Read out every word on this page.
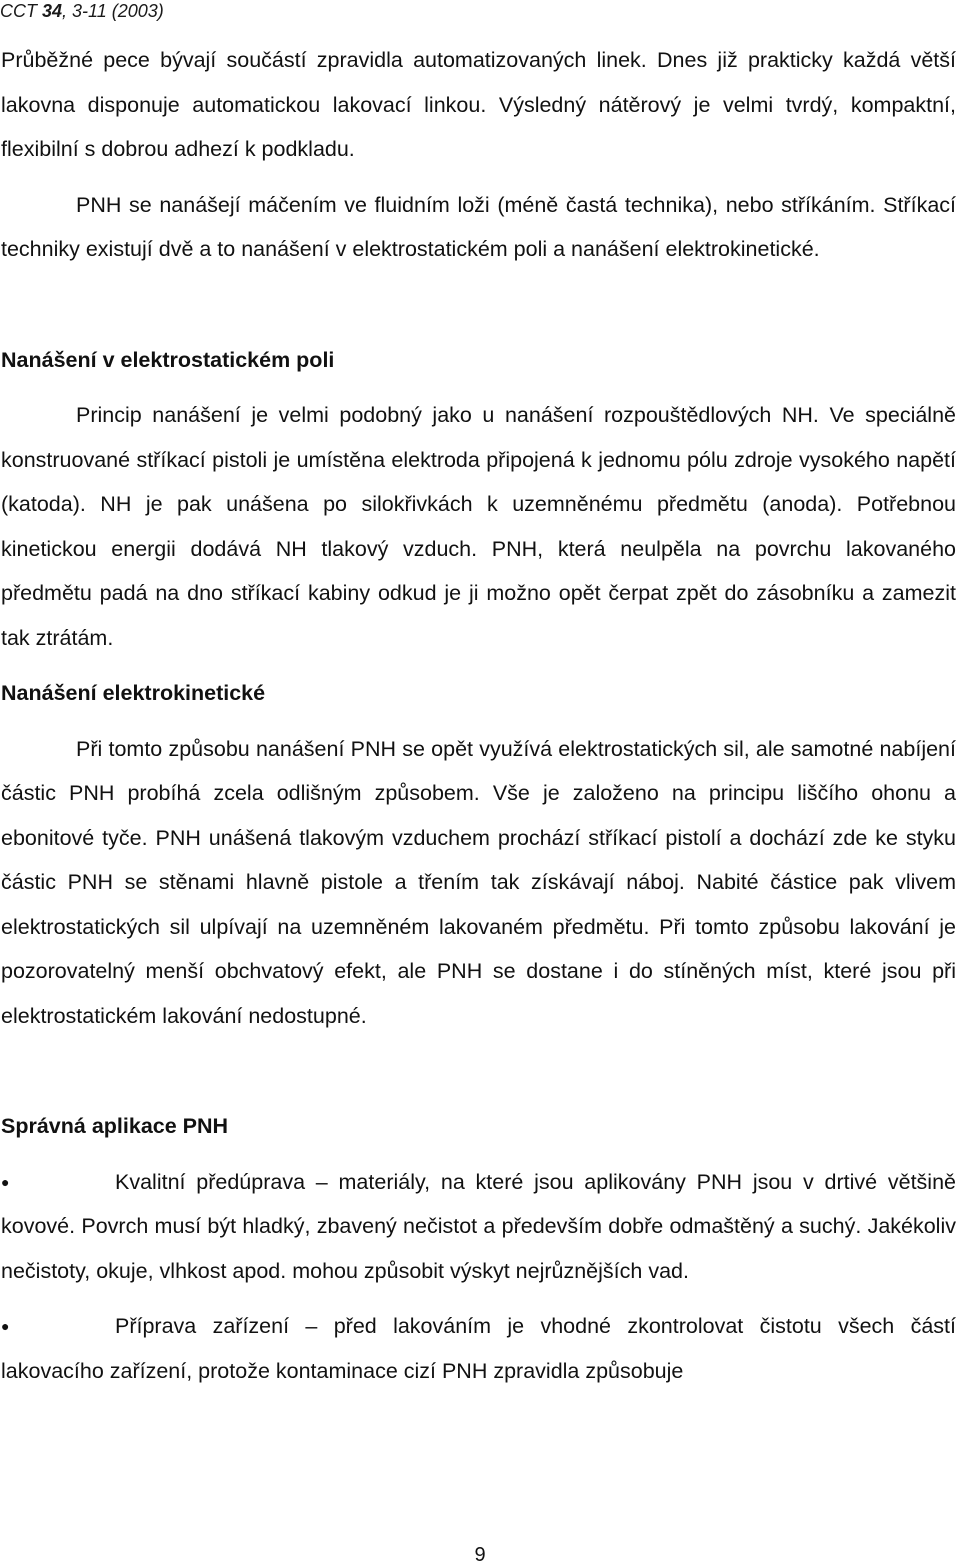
CCT 34, 3-11 (2003)

Průběžné pece bývají součástí zpravidla automatizovaných linek. Dnes již prakticky každá větší lakovna disponuje automatickou lakovací linkou. Výsledný nátěrový je velmi tvrdý, kompaktní, flexibilní s dobrou adhezí k podkladu.

PNH se nanášejí máčením ve fluidním loži (méně častá technika), nebo stříkáním. Stříkací techniky existují dvě a to nanášení v elektrostatickém poli a nanášení elektrokinetické.

Nanášení v elektrostatickém poli

Princip nanášení je velmi podobný jako u nanášení rozpouštědlových NH. Ve speciálně konstruované stříkací pistoli je umístěna elektroda připojená k jednomu pólu zdroje vysokého napětí (katoda). NH je pak unášena po silokřivkách k uzemněnému předmětu (anoda). Potřebnou kinetickou energii dodává NH tlakový vzduch. PNH, která neulpěla na povrchu lakovaného předmětu padá na dno stříkací kabiny odkud je ji možno opět čerpat zpět do zásobníku a zamezit tak ztrátám.

Nanášení elektrokinetické

Při tomto způsobu nanášení PNH se opět využívá elektrostatických sil, ale samotné nabíjení částic PNH probíhá zcela odlišným způsobem. Vše je založeno na principu liščího ohonu a ebonitové tyče. PNH unášená tlakovým vzduchem prochází stříkací pistolí a dochází zde ke styku částic PNH se stěnami hlavně pistole a třením tak získávají náboj. Nabité částice pak vlivem elektrostatických sil ulpívají na uzemněném lakovaném předmětu. Při tomto způsobu lakování je pozorovatelný menší obchvatový efekt, ale PNH se dostane i do stíněných míst, které jsou při elektrostatickém lakování nedostupné.

Správná aplikace PNH

●	Kvalitní předúprava – materiály, na které jsou aplikovány PNH jsou v drtivé většině kovové. Povrch musí být hladký, zbavený nečistot a především dobře odmaštěný a suchý. Jakékoliv nečistoty, okuje, vlhkost apod. mohou způsobit výskyt nejrůznějších vad.

●	Příprava zařízení – před lakováním je vhodné zkontrolovat čistotu všech částí lakovacího zařízení, protože kontaminace cizí PNH zpravidla způsobuje

9
